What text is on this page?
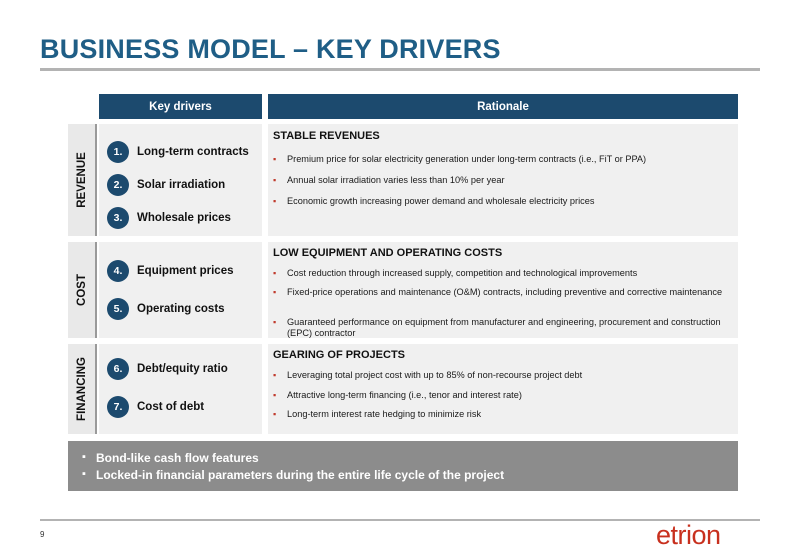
BUSINESS MODEL – KEY DRIVERS
Key drivers	Rationale
REVENUE
1.	Long-term contracts
2.	Solar irradiation
3.	Wholesale prices
STABLE REVENUES
▪ Premium price for solar electricity generation under long-term contracts (i.e., FiT or PPA)
▪ Annual solar irradiation varies less than 10% per year
▪ Economic growth increasing power demand and wholesale electricity prices
COST
4.	Equipment prices
5.	Operating costs
LOW EQUIPMENT AND OPERATING COSTS
▪ Cost reduction through increased supply, competition and technological improvements
▪ Fixed-price operations and maintenance (O&M) contracts, including preventive and corrective maintenance
▪ Guaranteed performance on equipment from manufacturer and engineering, procurement and construction (EPC) contractor
FINANCING	6.	Debt/equity ratio
7.	Cost of debt
GEARING OF PROJECTS
▪ Leveraging total project cost with up to 85% of non-recourse project debt
▪ Attractive long-term financing (i.e., tenor and interest rate)
▪ Long-term interest rate hedging to minimize risk
▪ Bond-like cash flow features
▪ Locked-in financial parameters during the entire life cycle of the project
9	etrion
